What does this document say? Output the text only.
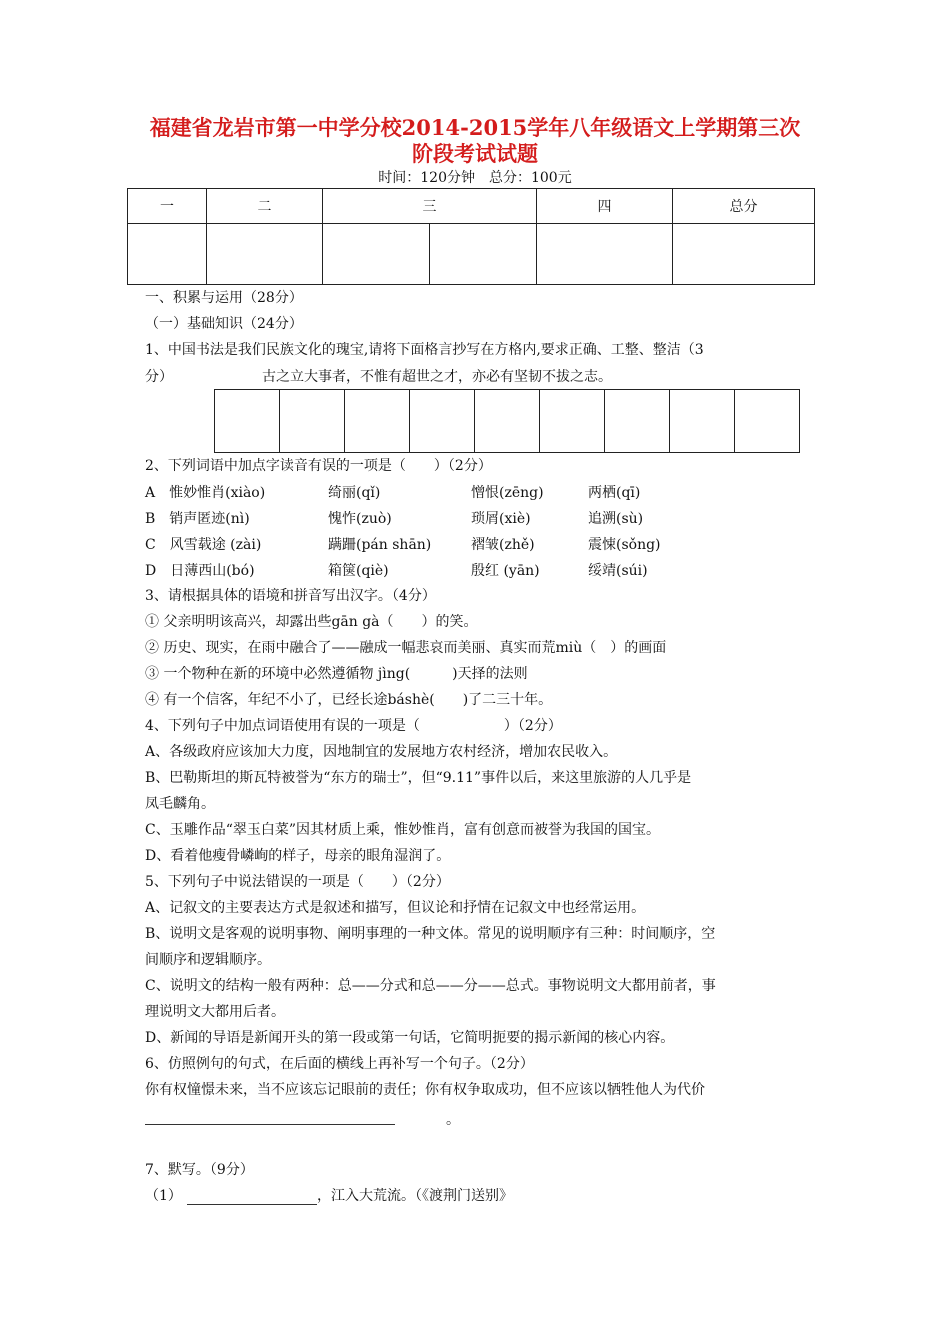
福建省龙岩市第一中学分校2014-2015学年八年级语文上学期第三次
阶段考试试题
时间：120分钟　总分：100元
一	二	三		四	总分

一、积累与运用（28分）
（一）基础知识（24分）
1、中国书法是我们民族文化的瑰宝,请将下面格言抄写在方格内,要求正确、工整、整洁（3
分）	古之立大事者，不惟有超世之才，亦必有坚韧不拔之志。
2、下列词语中加点字读音有误的一项是（　　）（2分）
A　惟妙惟肖(xiào)	绮丽(qǐ)	憎恨(zēng)	两栖(qī)
B　销声匿迹(nì)	愧怍(zuò)	琐屑(xiè)	追溯(sù)
C　风雪载途 (zài)	蹒跚(pán shān)	褶皱(zhě)	震悚(sǒng)
D　日薄西山(bó)	箱箧(qiè)	殷红 (yān)	绥靖(súi)
3、请根据具体的语境和拼音写出汉字。（4分）
① 父亲明明该高兴，却露出些gān gà（　　）的笑。
② 历史、现实，在雨中融合了——融成一幅悲哀而美丽、真实而荒miù（　）的画面
③ 一个物种在新的环境中必然遵循物 jìng(　　　)天择的法则
④ 有一个信客，年纪不小了，已经长途báshè(　　)了二三十年。
4、下列句子中加点词语使用有误的一项是（　　　　　　）（2分）
A、各级政府应该加大力度，因地制宜的发展地方农村经济，增加农民收入。
B、巴勒斯坦的斯瓦特被誉为“东方的瑞士”，但“9.11”事件以后，来这里旅游的人几乎是
凤毛麟角。
C、玉雕作品“翠玉白菜”因其材质上乘，惟妙惟肖，富有创意而被誉为我国的国宝。
D、看着他瘦骨嶙峋的样子，母亲的眼角湿润了。
5、下列句子中说法错误的一项是（　　）（2分）
A、记叙文的主要表达方式是叙述和描写，但议论和抒情在记叙文中也经常运用。
B、说明文是客观的说明事物、阐明事理的一种文体。常见的说明顺序有三种：时间顺序，空
间顺序和逻辑顺序。
C、说明文的结构一般有两种：总——分式和总——分——总式。事物说明文大都用前者，事
理说明文大都用后者。
D、新闻的导语是新闻开头的第一段或第一句话，它简明扼要的揭示新闻的核心内容。
6、仿照例句的句式，在后面的横线上再补写一个句子。（2分）
你有权憧憬未来，当不应该忘记眼前的责任；你有权争取成功，但不应该以牺牲他人为代价
。
7、默写。（9分）
（1）	，江入大荒流。（《渡荆门送别》
